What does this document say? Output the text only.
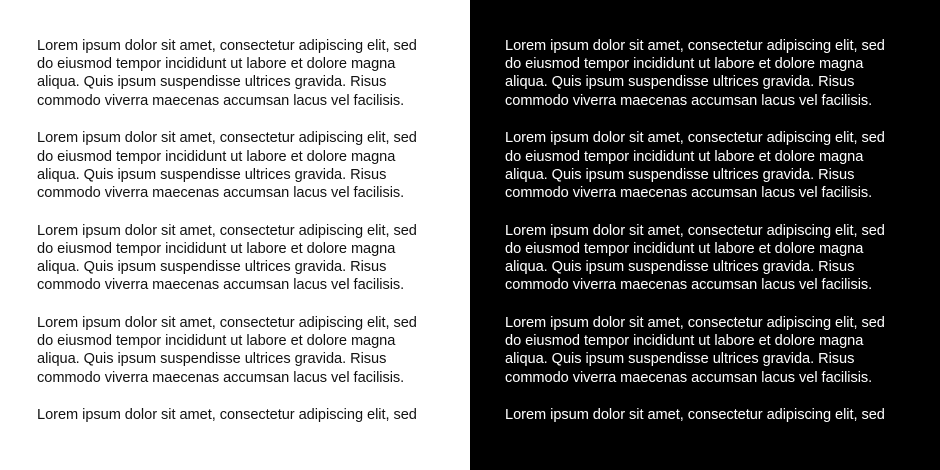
Lorem ipsum dolor sit amet, consectetur adipiscing elit, sed
do eiusmod tempor incididunt ut labore et dolore magna
aliqua. Quis ipsum suspendisse ultrices gravida. Risus
commodo viverra maecenas accumsan lacus vel facilisis.

Lorem ipsum dolor sit amet, consectetur adipiscing elit, sed
do eiusmod tempor incididunt ut labore et dolore magna
aliqua. Quis ipsum suspendisse ultrices gravida. Risus
commodo viverra maecenas accumsan lacus vel facilisis.

Lorem ipsum dolor sit amet, consectetur adipiscing elit, sed
do eiusmod tempor incididunt ut labore et dolore magna
aliqua. Quis ipsum suspendisse ultrices gravida. Risus
commodo viverra maecenas accumsan lacus vel facilisis.

Lorem ipsum dolor sit amet, consectetur adipiscing elit, sed
do eiusmod tempor incididunt ut labore et dolore magna
aliqua. Quis ipsum suspendisse ultrices gravida. Risus
commodo viverra maecenas accumsan lacus vel facilisis.

Lorem ipsum dolor sit amet, consectetur adipiscing elit, sed

Lorem ipsum dolor sit amet, consectetur adipiscing elit, sed
do eiusmod tempor incididunt ut labore et dolore magna
aliqua. Quis ipsum suspendisse ultrices gravida. Risus
commodo viverra maecenas accumsan lacus vel facilisis.

Lorem ipsum dolor sit amet, consectetur adipiscing elit, sed
do eiusmod tempor incididunt ut labore et dolore magna
aliqua. Quis ipsum suspendisse ultrices gravida. Risus
commodo viverra maecenas accumsan lacus vel facilisis.

Lorem ipsum dolor sit amet, consectetur adipiscing elit, sed
do eiusmod tempor incididunt ut labore et dolore magna
aliqua. Quis ipsum suspendisse ultrices gravida. Risus
commodo viverra maecenas accumsan lacus vel facilisis.

Lorem ipsum dolor sit amet, consectetur adipiscing elit, sed
do eiusmod tempor incididunt ut labore et dolore magna
aliqua. Quis ipsum suspendisse ultrices gravida. Risus
commodo viverra maecenas accumsan lacus vel facilisis.

Lorem ipsum dolor sit amet, consectetur adipiscing elit, sed
